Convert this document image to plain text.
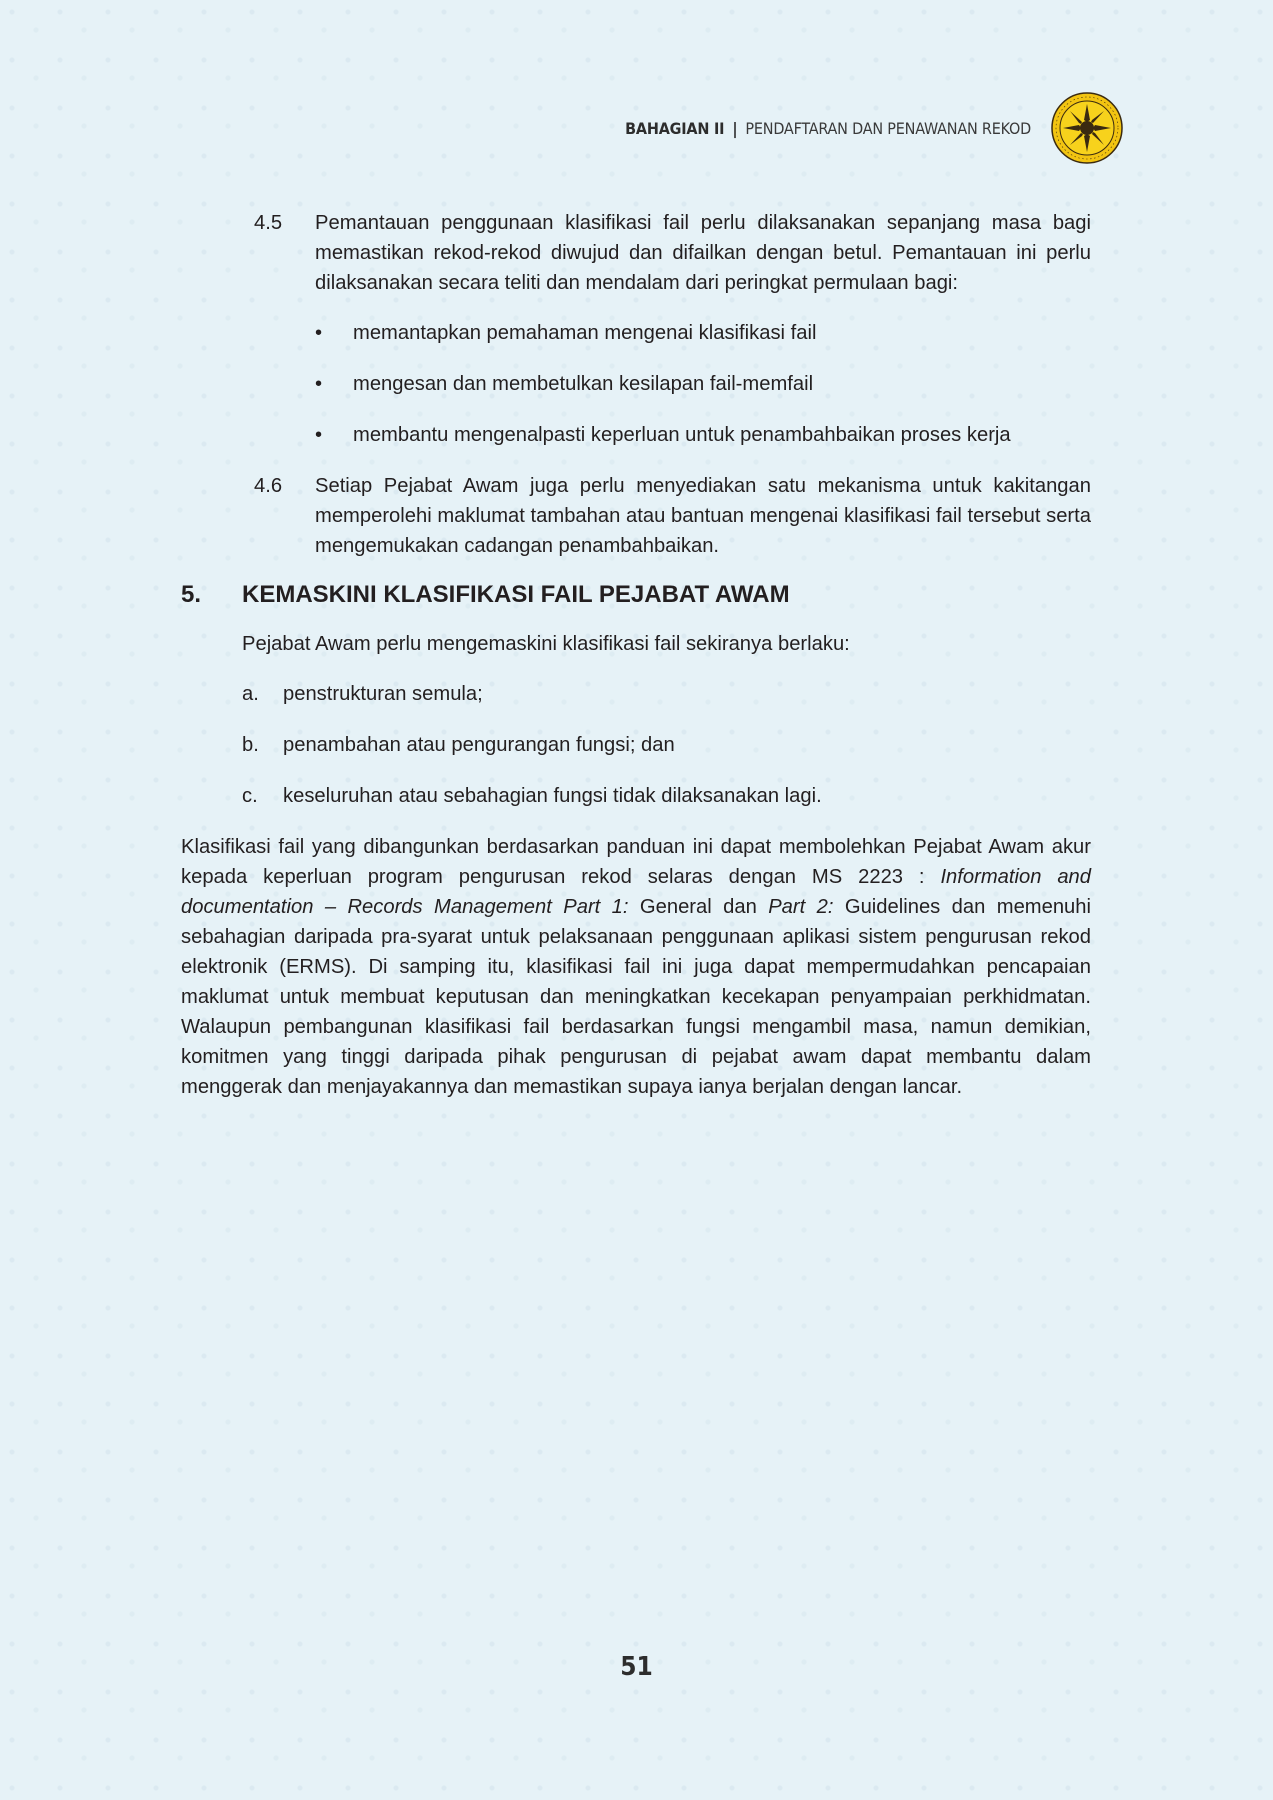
BAHAGIAN II | PENDAFTARAN DAN PENAWANAN REKOD
4.5	Pemantauan penggunaan klasifikasi fail perlu dilaksanakan sepanjang masa bagi memastikan rekod-rekod diwujud dan difailkan dengan betul. Pemantauan ini perlu dilaksanakan secara teliti dan mendalam dari peringkat permulaan bagi:
•	memantapkan pemahaman mengenai klasifikasi fail
•	mengesan dan membetulkan kesilapan fail-memfail
•	membantu mengenalpasti keperluan untuk penambahbaikan proses kerja
4.6	Setiap Pejabat Awam juga perlu menyediakan satu mekanisma untuk kakitangan memperolehi maklumat tambahan atau bantuan mengenai klasifikasi fail tersebut serta mengemukakan cadangan penambahbaikan.
5.	KEMASKINI KLASIFIKASI FAIL PEJABAT AWAM
Pejabat Awam perlu mengemaskini klasifikasi fail sekiranya berlaku:
a.	penstrukturan semula;
b.	penambahan atau pengurangan fungsi; dan
c.	keseluruhan atau sebahagian fungsi tidak dilaksanakan lagi.

Klasifikasi fail yang dibangunkan berdasarkan panduan ini dapat membolehkan Pejabat Awam akur kepada keperluan program pengurusan rekod selaras dengan MS 2223 : Information and documentation – Records Management Part 1: General dan Part 2: Guidelines dan memenuhi sebahagian daripada pra-syarat untuk pelaksanaan penggunaan aplikasi sistem pengurusan rekod elektronik (ERMS). Di samping itu, klasifikasi fail ini juga dapat mempermudahkan pencapaian maklumat untuk membuat keputusan dan meningkatkan kecekapan penyampaian perkhidmatan. Walaupun pembangunan klasifikasi fail berdasarkan fungsi mengambil masa, namun demikian, komitmen yang tinggi daripada pihak pengurusan di pejabat awam dapat membantu dalam menggerak dan menjayakannya dan memastikan supaya ianya berjalan dengan lancar.

51
